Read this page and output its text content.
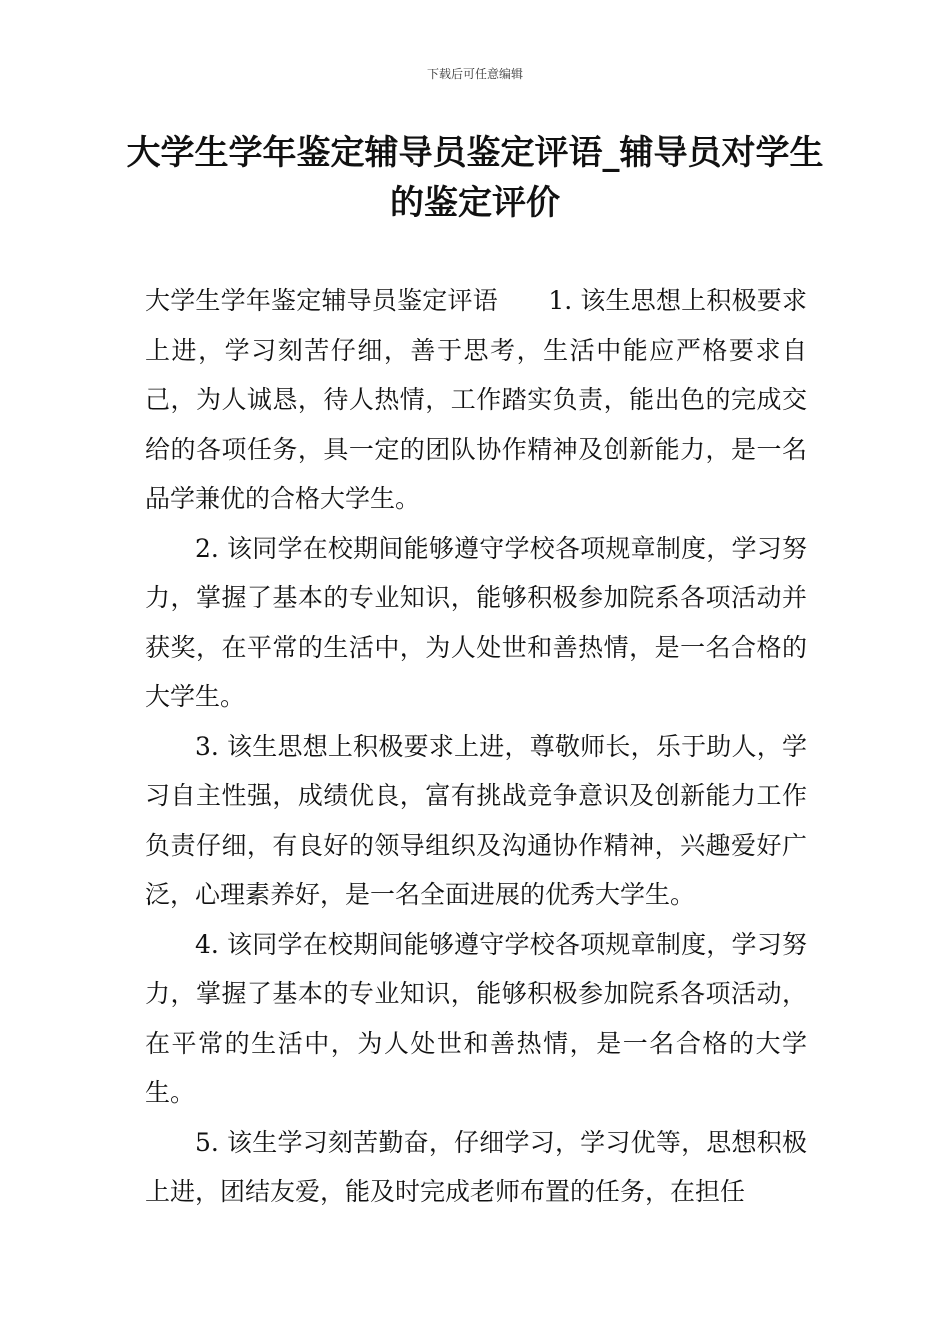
下载后可任意编辑
大学生学年鉴定辅导员鉴定评语_辅导员对学生的鉴定评价

大学生学年鉴定辅导员鉴定评语　　1. 该生思想上积极要求上进，学习刻苦仔细，善于思考，生活中能应严格要求自己，为人诚恳，待人热情，工作踏实负责，能出色的完成交给的各项任务，具一定的团队协作精神及创新能力，是一名品学兼优的合格大学生。

2. 该同学在校期间能够遵守学校各项规章制度，学习努力，掌握了基本的专业知识，能够积极参加院系各项活动并获奖，在平常的生活中，为人处世和善热情，是一名合格的大学生。

3. 该生思想上积极要求上进，尊敬师长，乐于助人，学习自主性强，成绩优良，富有挑战竞争意识及创新能力工作负责仔细，有良好的领导组织及沟通协作精神，兴趣爱好广泛，心理素养好，是一名全面进展的优秀大学生。

4. 该同学在校期间能够遵守学校各项规章制度，学习努力，掌握了基本的专业知识，能够积极参加院系各项活动，在平常的生活中，为人处世和善热情，是一名合格的大学生。

5. 该生学习刻苦勤奋，仔细学习，学习优等，思想积极上进，团结友爱，能及时完成老师布置的任务，在担任
